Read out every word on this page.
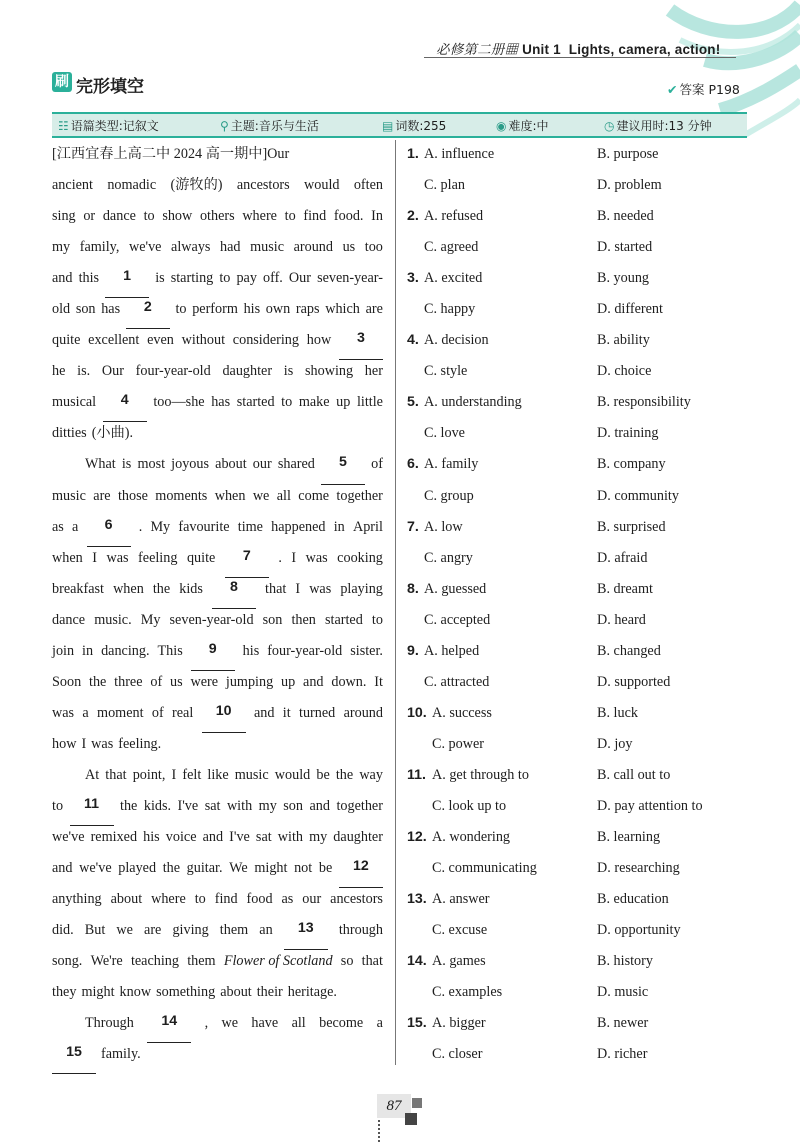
必修第二册▦ Unit 1 Lights, camera, action!
刷 完形填空	✔ 答案 P198
☷ 语篇类型:记叙文	⚲ 主题:音乐与生活	▤ 词数:255	◉ 难度:中	◷ 建议用时:13 分钟
[江西宜春上高二中 2024 高一期中]Our
ancient nomadic (游牧的) ancestors would often
sing or dance to show others where to find food. In
my family, we've always had music around us too
and this	1	is starting to pay off. Our seven-year-
old son has	2	to perform his own raps which are
quite excellent even without considering how	3
he is. Our four-year-old daughter is showing her
musical	4	too—she has started to make up little
ditties (小曲).
What is most joyous about our shared	5	of
music are those moments when we all come together
as a	6	. My favourite time happened in April
when I was feeling quite	7	. I was cooking
breakfast when the kids	8	that I was playing
dance music. My seven-year-old son then started to
join in dancing. This	9	his four-year-old sister.
Soon the three of us were jumping up and down. It
was a moment of real	10	and it turned around
how I was feeling.
At that point, I felt like music would be the way
to	11	the kids. I've sat with my son and together
we've remixed his voice and I've sat with my daughter
and we've played the guitar. We might not be	12
anything about where to find food as our ancestors
did. But we are giving them an	13	through
song. We're teaching them Flower of Scotland so that
they might know something about their heritage.
Through	14	, we have all become a
15	family.
1. A. influence	B. purpose
C. plan	D. problem
2. A. refused	B. needed
C. agreed	D. started
3. A. excited	B. young
C. happy	D. different
4. A. decision	B. ability
C. style	D. choice
5. A. understanding	B. responsibility
C. love	D. training
6. A. family	B. company
C. group	D. community
7. A. low	B. surprised
C. angry	D. afraid
8. A. guessed	B. dreamt
C. accepted	D. heard
9. A. helped	B. changed
C. attracted	D. supported
10. A. success	B. luck
C. power	D. joy
11. A. get through to	B. call out to
C. look up to	D. pay attention to
12. A. wondering	B. learning
C. communicating	D. researching
13. A. answer	B. education
C. excuse	D. opportunity
14. A. games	B. history
C. examples	D. music
15. A. bigger	B. newer
C. closer	D. richer
87
